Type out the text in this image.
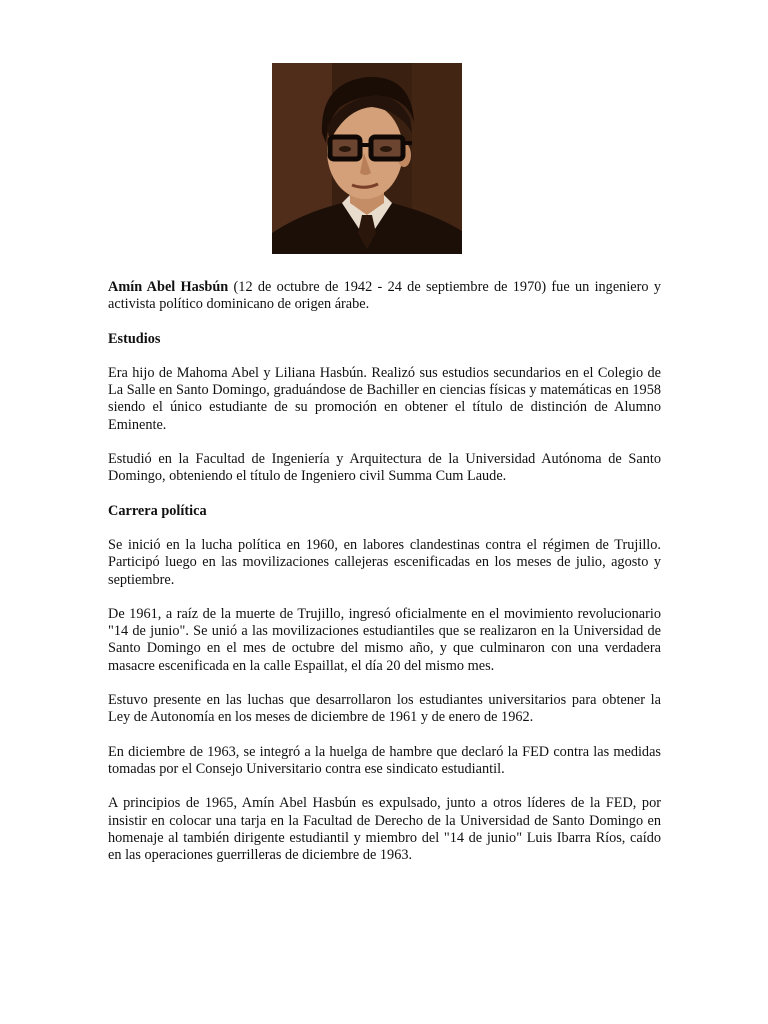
Amín Abel Hasbún (12 de octubre de 1942 - 24 de septiembre de 1970) fue un ingeniero y activista político dominicano de origen árabe.

Estudios

Era hijo de Mahoma Abel y Liliana Hasbún. Realizó sus estudios secundarios en el Colegio de La Salle en Santo Domingo, graduándose de Bachiller en ciencias físicas y matemáticas en 1958 siendo el único estudiante de su promoción en obtener el título de distinción de Alumno Eminente.

Estudió en la Facultad de Ingeniería y Arquitectura de la Universidad Autónoma de Santo Domingo, obteniendo el título de Ingeniero civil Summa Cum Laude.

Carrera política

Se inició en la lucha política en 1960, en labores clandestinas contra el régimen de Trujillo. Participó luego en las movilizaciones callejeras escenificadas en los meses de julio, agosto y septiembre.

De 1961, a raíz de la muerte de Trujillo, ingresó oficialmente en el movimiento revolucionario "14 de junio". Se unió a las movilizaciones estudiantiles que se realizaron en la Universidad de Santo Domingo en el mes de octubre del mismo año, y que culminaron con una verdadera masacre escenificada en la calle Espaillat, el día 20 del mismo mes.

Estuvo presente en las luchas que desarrollaron los estudiantes universitarios para obtener la Ley de Autonomía en los meses de diciembre de 1961 y de enero de 1962.

En diciembre de 1963, se integró a la huelga de hambre que declaró la FED contra las medidas tomadas por el Consejo Universitario contra ese sindicato estudiantil.

A principios de 1965, Amín Abel Hasbún es expulsado, junto a otros líderes de la FED, por insistir en colocar una tarja en la Facultad de Derecho de la Universidad de Santo Domingo en homenaje al también dirigente estudiantil y miembro del "14 de junio" Luis Ibarra Ríos, caído en las operaciones guerrilleras de diciembre de 1963.
